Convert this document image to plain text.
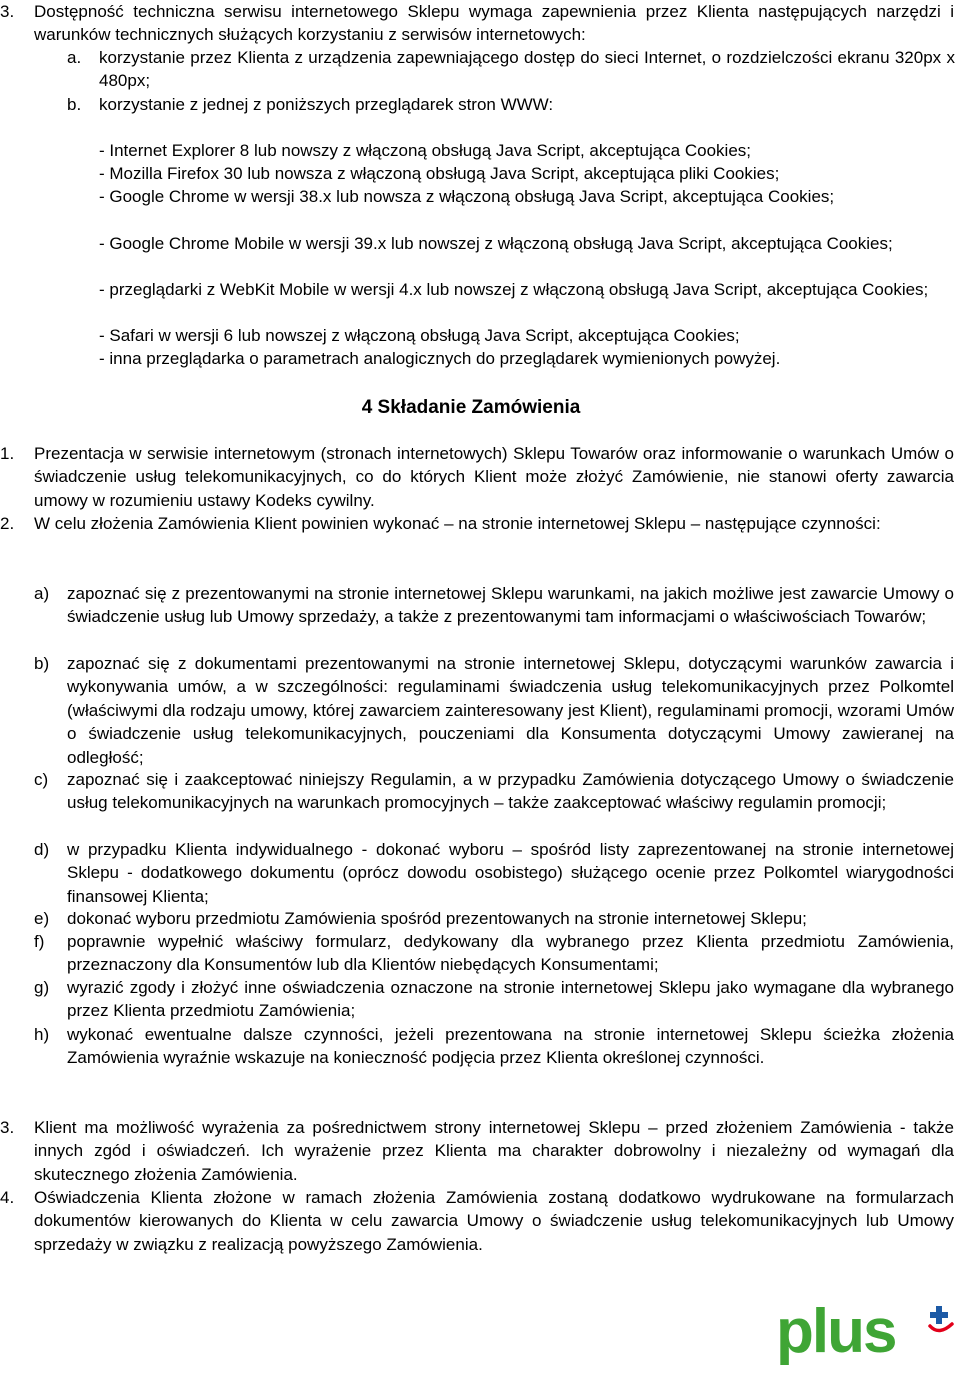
3. Dostępność techniczna serwisu internetowego Sklepu wymaga zapewnienia przez Klienta następujących narzędzi i warunków technicznych służących korzystaniu z serwisów internetowych:
a. korzystanie przez Klienta z urządzenia zapewniającego dostęp do sieci Internet, o rozdzielczości ekranu 320px x 480px;
b. korzystanie z jednej z poniższych przeglądarek stron WWW:
- Internet Explorer 8 lub nowszy z włączoną obsługą Java Script, akceptująca Cookies;
- Mozilla Firefox 30 lub nowsza z włączoną obsługą Java Script, akceptująca pliki Cookies;
- Google Chrome w wersji 38.x lub nowsza z włączoną obsługą Java Script, akceptująca Cookies;
- Google Chrome Mobile w wersji 39.x lub nowszej z włączoną obsługą Java Script, akceptująca Cookies;
- przeglądarki z WebKit Mobile w wersji 4.x lub nowszej z włączoną obsługą Java Script, akceptująca Cookies;
- Safari w wersji 6 lub nowszej z włączoną obsługą Java Script, akceptująca Cookies;
- inna przeglądarka o parametrach analogicznych do przeglądarek wymienionych powyżej.
4 Składanie Zamówienia
1. Prezentacja w serwisie internetowym (stronach internetowych) Sklepu Towarów oraz informowanie o warunkach Umów o świadczenie usług telekomunikacyjnych, co do których Klient może złożyć Zamówienie, nie stanowi oferty zawarcia umowy w rozumieniu ustawy Kodeks cywilny.
2. W celu złożenia Zamówienia Klient powinien wykonać – na stronie internetowej Sklepu – następujące czynności:
a) zapoznać się z prezentowanymi na stronie internetowej Sklepu warunkami, na jakich możliwe jest zawarcie Umowy o świadczenie usług lub Umowy sprzedaży, a także z prezentowanymi tam informacjami o właściwościach Towarów;
b) zapoznać się z dokumentami prezentowanymi na stronie internetowej Sklepu, dotyczącymi warunków zawarcia i wykonywania umów, a w szczególności: regulaminami świadczenia usług telekomunikacyjnych przez Polkomtel (właściwymi dla rodzaju umowy, której zawarciem zainteresowany jest Klient), regulaminami promocji, wzorami Umów o świadczenie usług telekomunikacyjnych, pouczeniami dla Konsumenta dotyczącymi Umowy zawieranej na odległość;
c) zapoznać się i zaakceptować niniejszy Regulamin, a w przypadku Zamówienia dotyczącego Umowy o świadczenie usług telekomunikacyjnych na warunkach promocyjnych – także zaakceptować właściwy regulamin promocji;
d) w przypadku Klienta indywidualnego - dokonać wyboru – spośród listy zaprezentowanej na stronie internetowej Sklepu - dodatkowego dokumentu (oprócz dowodu osobistego) służącego ocenie przez Polkomtel wiarygodności finansowej Klienta;
e) dokonać wyboru przedmiotu Zamówienia spośród prezentowanych na stronie internetowej Sklepu;
f) poprawnie wypełnić właściwy formularz, dedykowany dla wybranego przez Klienta przedmiotu Zamówienia, przeznaczony dla Konsumentów lub dla Klientów niebędących Konsumentami;
g) wyrazić zgody i złożyć inne oświadczenia oznaczone na stronie internetowej Sklepu jako wymagane dla wybranego przez Klienta przedmiotu Zamówienia;
h) wykonać ewentualne dalsze czynności, jeżeli prezentowana na stronie internetowej Sklepu ścieżka złożenia Zamówienia wyraźnie wskazuje na konieczność podjęcia przez Klienta określonej czynności.
3. Klient ma możliwość wyrażenia za pośrednictwem strony internetowej Sklepu – przed złożeniem Zamówienia - także innych zgód i oświadczeń. Ich wyrażenie przez Klienta ma charakter dobrowolny i niezależny od wymagań dla skutecznego złożenia Zamówienia.
4. Oświadczenia Klienta złożone w ramach złożenia Zamówienia zostaną dodatkowo wydrukowane na formularzach dokumentów kierowanych do Klienta w celu zawarcia Umowy o świadczenie usług telekomunikacyjnych lub Umowy sprzedaży w związku z realizacją powyższego Zamówienia.
plus
